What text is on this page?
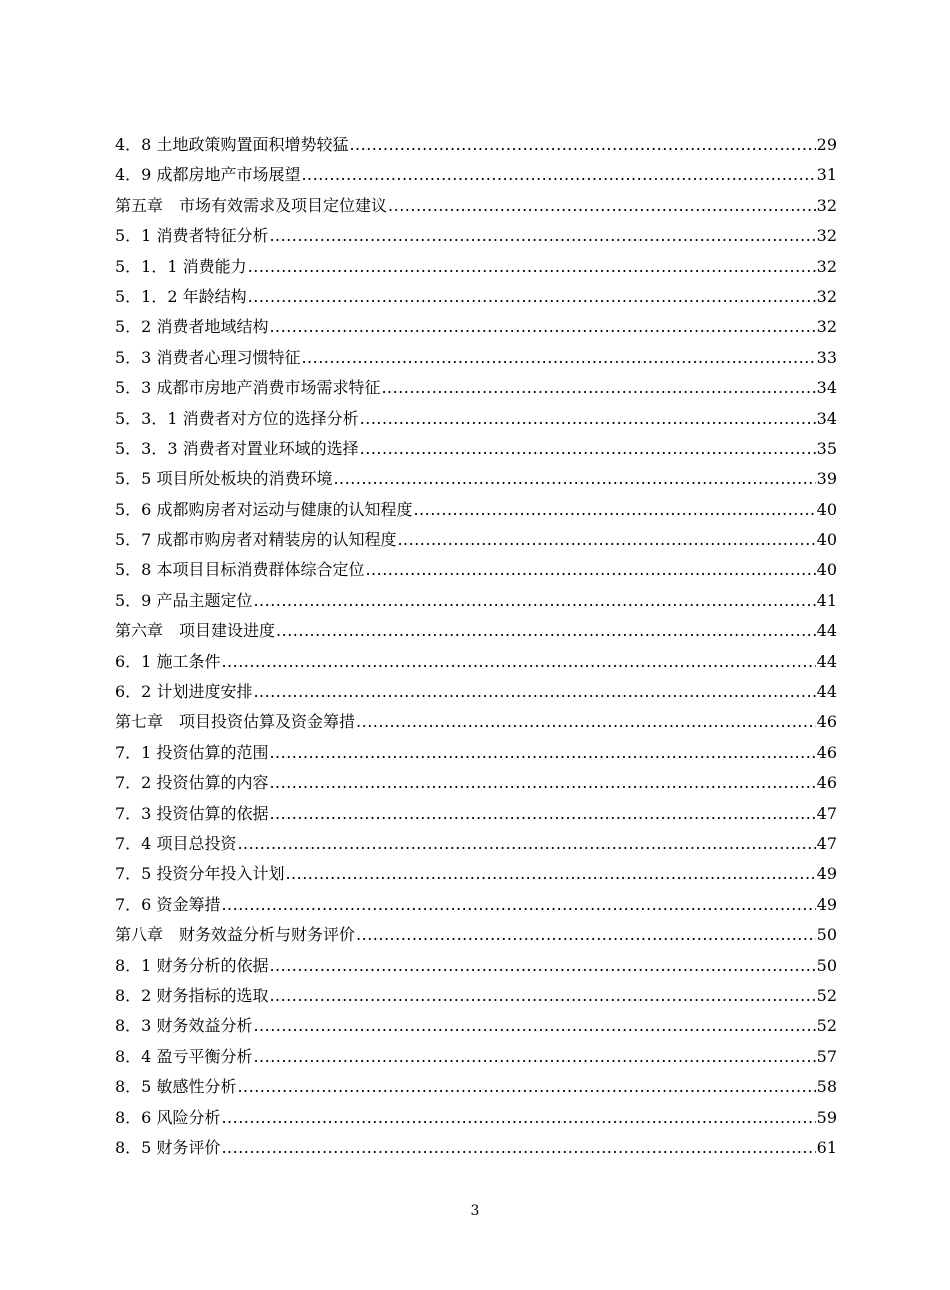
4．8 土地政策购置面积增势较猛 .....	29
4．9 成都房地产市场展望 .....	31
第五章　市场有效需求及项目定位建议 .....	32
5．1 消费者特征分析 .....	32
5．1．1 消费能力 .....	32
5．1．2 年龄结构 .....	32
5．2 消费者地域结构 .....	32
5．3 消费者心理习惯特征 .....	33
5．3 成都市房地产消费市场需求特征 .....	34
5．3．1 消费者对方位的选择分析 .....	34
5．3．3 消费者对置业环域的选择 .....	35
5．5 项目所处板块的消费环境 .....	39
5．6 成都购房者对运动与健康的认知程度 .....	40
5．7 成都市购房者对精装房的认知程度 .....	40
5．8 本项目目标消费群体综合定位 .....	40
5．9 产品主题定位 .....	41
第六章　项目建设进度 .....	44
6．1 施工条件 .....	44
6．2 计划进度安排 .....	44
第七章　项目投资估算及资金筹措 .....	46
7．1 投资估算的范围 .....	46
7．2 投资估算的内容 .....	46
7．3 投资估算的依据 .....	47
7．4 项目总投资 .....	47
7．5 投资分年投入计划 .....	49
7．6 资金筹措 .....	49
第八章　财务效益分析与财务评价 .....	50
8．1 财务分析的依据 .....	50
8．2 财务指标的选取 .....	52
8．3 财务效益分析 .....	52
8．4 盈亏平衡分析 .....	57
8．5 敏感性分析 .....	58
8．6 风险分析 .....	59
8．5 财务评价 .....	61
3
